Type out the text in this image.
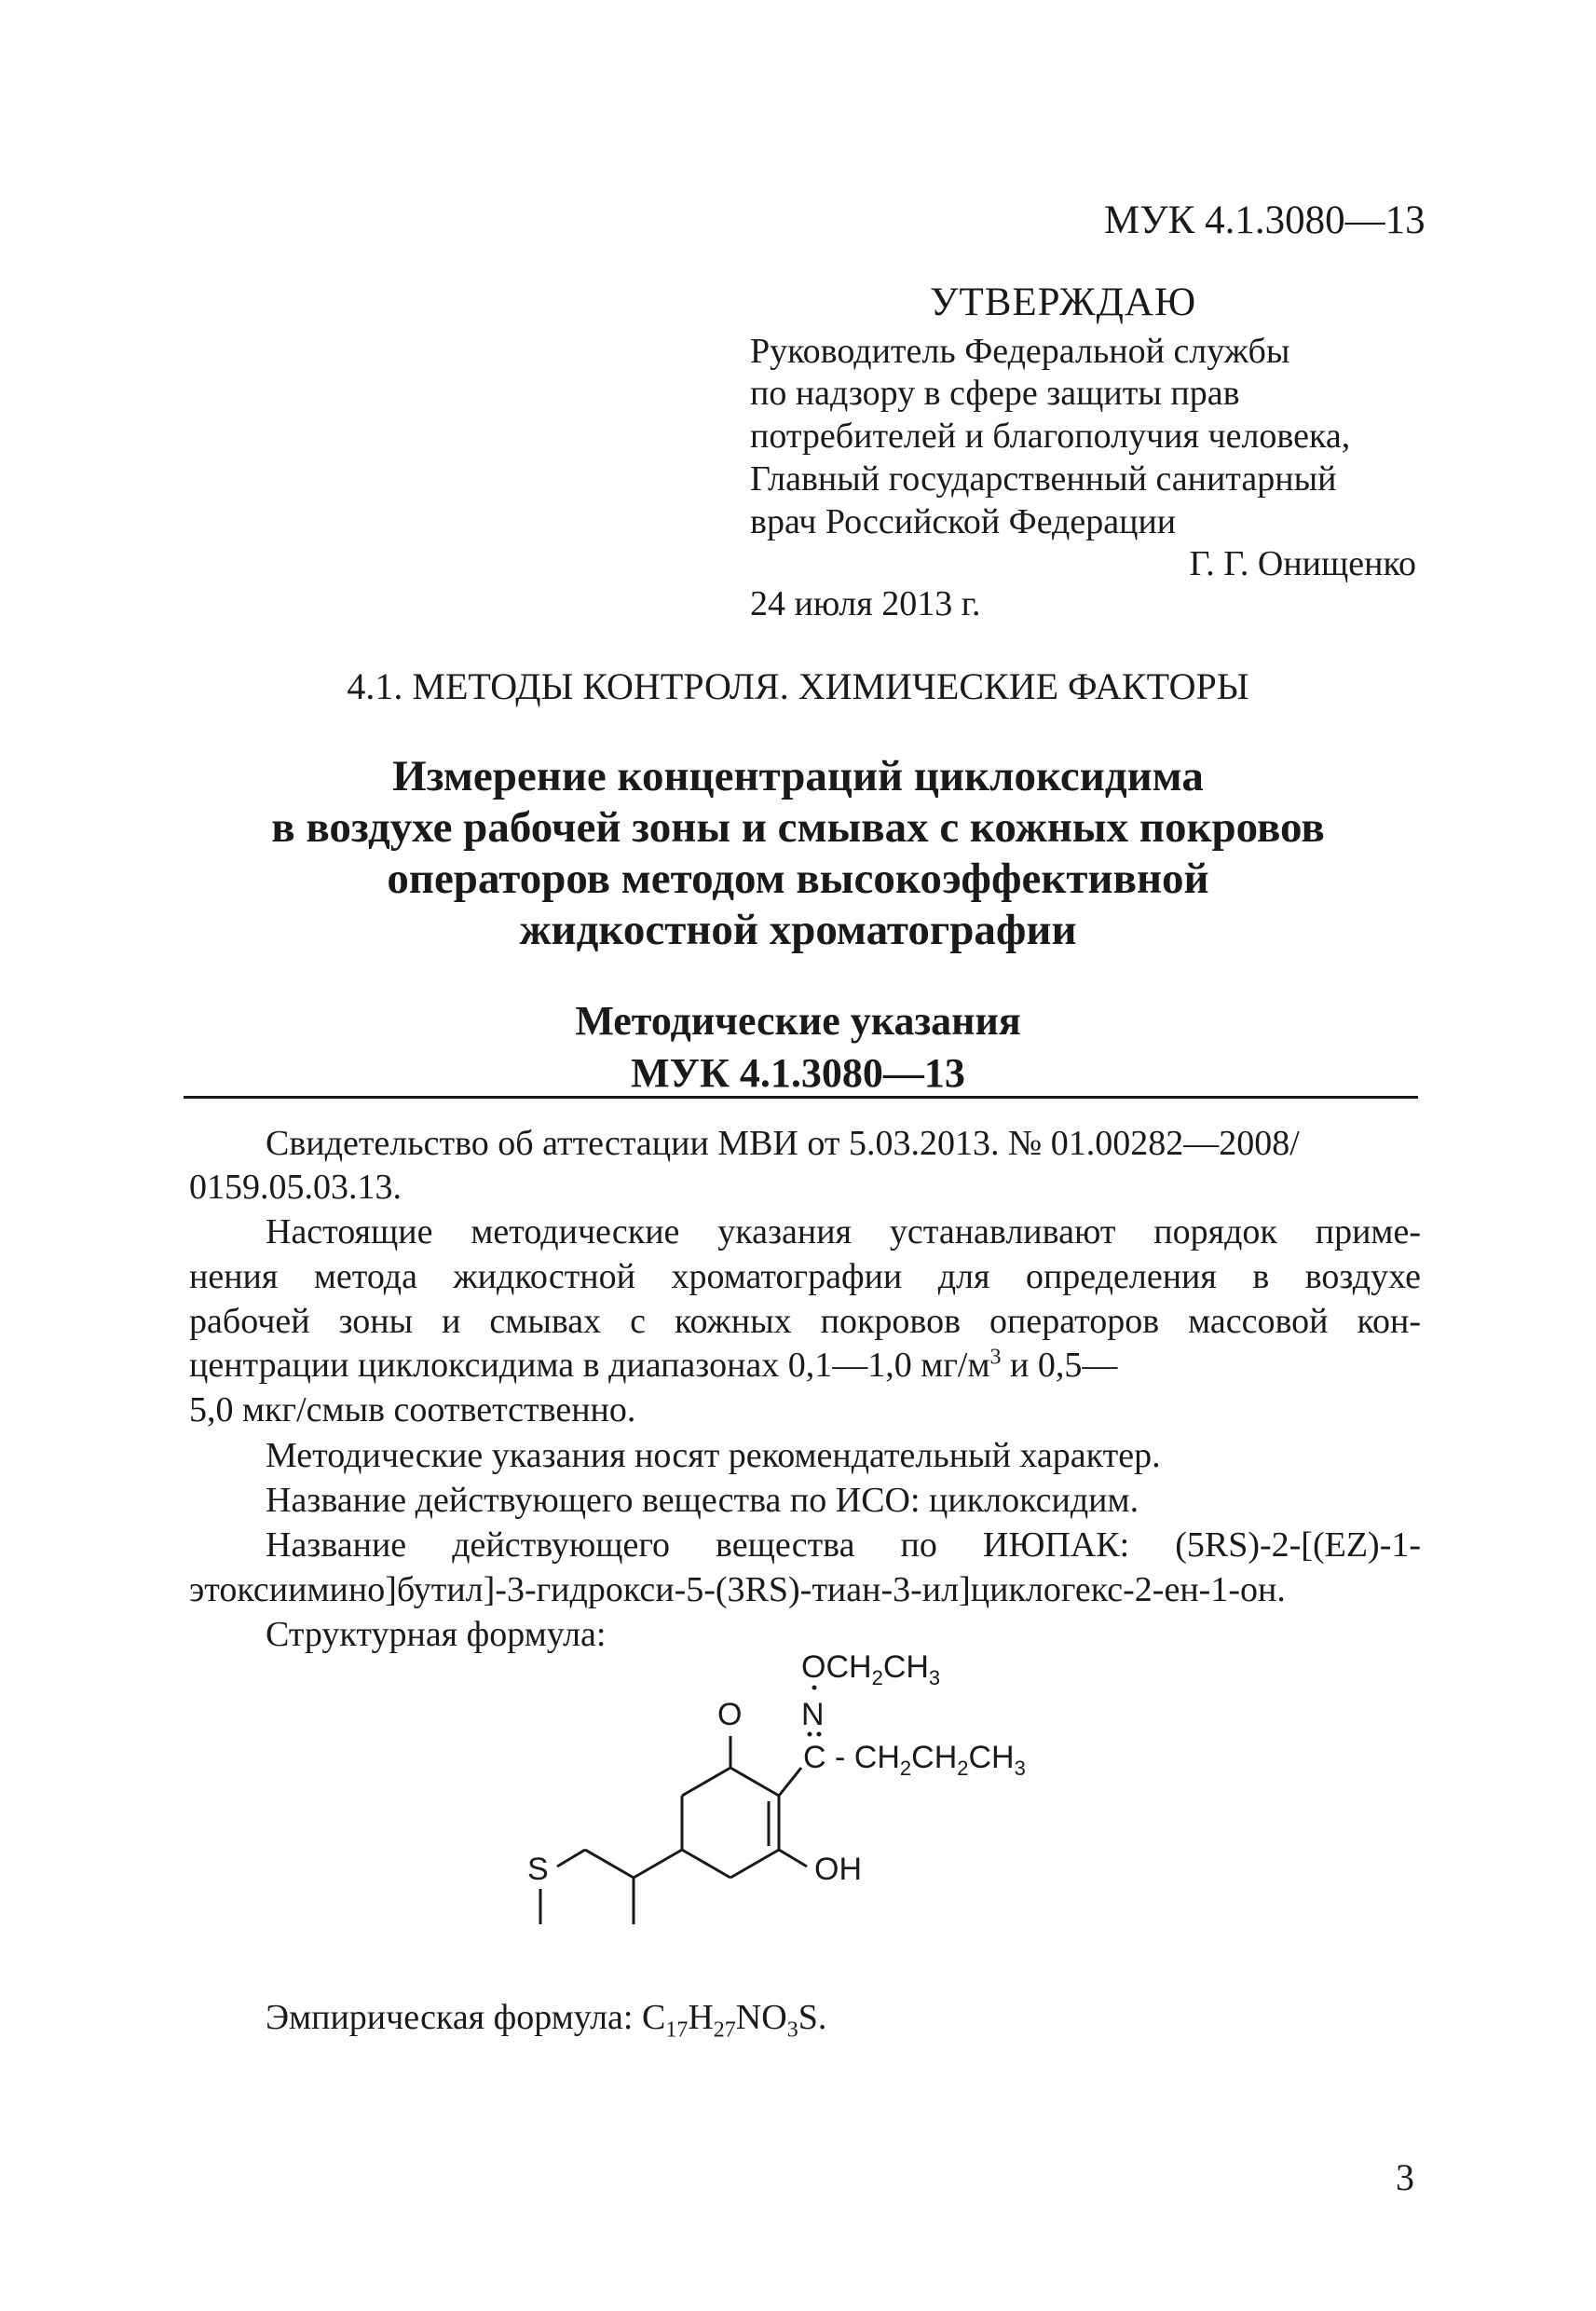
МУК 4.1.3080—13
УТВЕРЖДАЮ
Руководитель Федеральной службы
по надзору в сфере защиты прав
потребителей и благополучия человека,
Главный государственный санитарный
врач Российской Федерации
Г. Г. Онищенко
24 июля 2013 г.
4.1. МЕТОДЫ КОНТРОЛЯ. ХИМИЧЕСКИЕ ФАКТОРЫ
Измерение концентраций циклоксидима
в воздухе рабочей зоны и смывах с кожных покровов
операторов методом высокоэффективной
жидкостной хроматографии
Методические указания
МУК 4.1.3080—13
Свидетельство об аттестации МВИ от 5.03.2013. № 01.00282—2008/
0159.05.03.13.
Настоящие методические указания устанавливают порядок приме-
нения метода жидкостной хроматографии для определения в воздухе
рабочей зоны и смывах с кожных покровов операторов массовой кон-
центрации циклоксидима в диапазонах 0,1—1,0 $мг/м^3$ и 0,5—
5,0 мкг/смыв соответственно.
Методические указания носят рекомендательный характер.
Название действующего вещества по ИСО: циклоксидим.
Название действующего вещества по ИЮПАК: (5RS)-2-[(EZ)-1-
этоксиимино]бутил]-3-гидрокси-5-(3RS)-тиан-3-ил]циклогекс-2-ен-1-он.
Структурная формула:
$OCH_2CH_3$
N
O
C - $CH_2CH_2CH_3$
OH
S
Эмпирическая формула: $C_{17}H_{27}NO_3S$.
3
